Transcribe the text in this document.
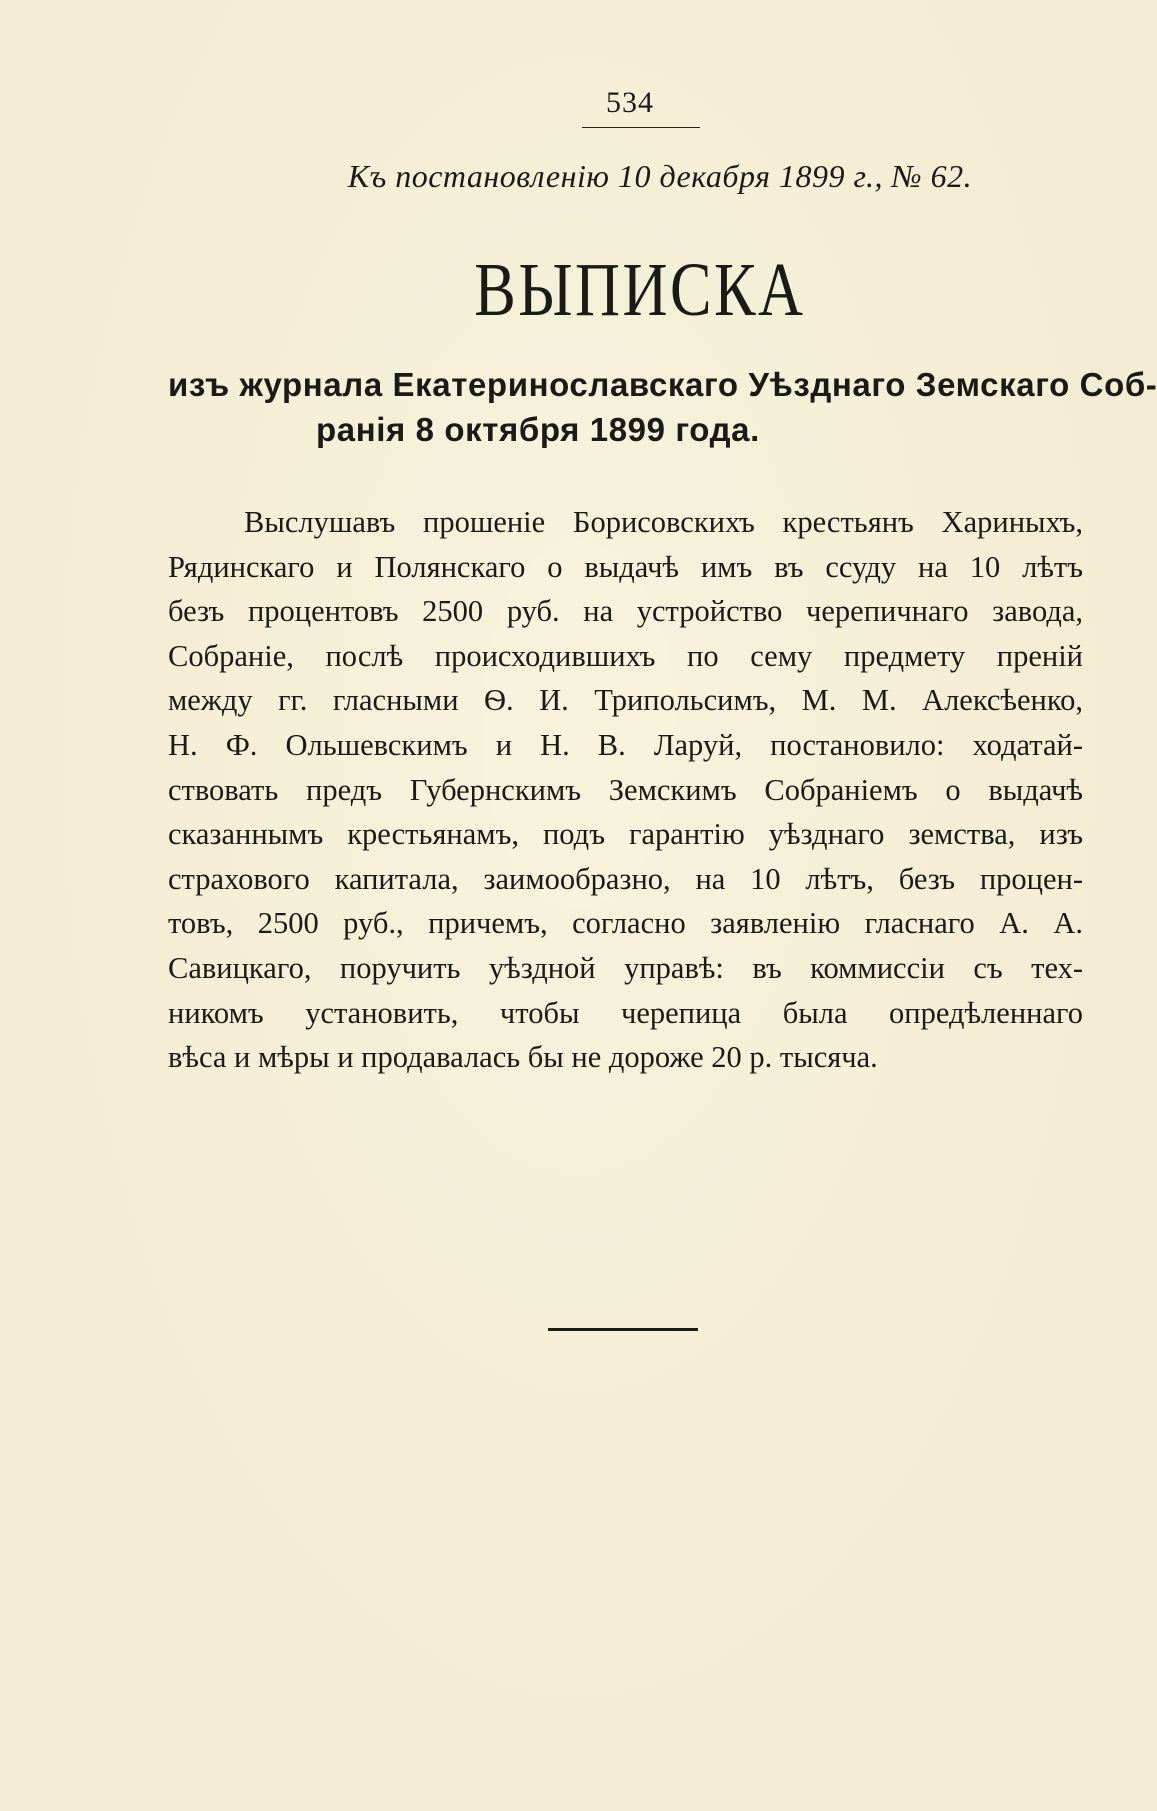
534
Къ постановленію 10 декабря 1899 г., № 62.
ВЫПИСКА
изъ журнала Екатеринославскаго Уѣзднаго Земскаго Соб-
ранія 8 октября 1899 года.
Выслушавъ прошеніе Борисовскихъ крестьянъ Хариныхъ,
Рядинскаго и Полянскаго о выдачѣ имъ въ ссуду на 10 лѣтъ
безъ процентовъ 2500 руб. на устройство черепичнаго завода,
Собраніе, послѣ происходившихъ по сему предмету преній
между гг. гласными Ѳ. И. Трипольсимъ, М. М. Алексѣенко,
Н. Ф. Ольшевскимъ и Н. В. Ларуй, постановило: ходатай-
ствовать предъ Губернскимъ Земскимъ Собраніемъ о выдачѣ
сказаннымъ крестьянамъ, подъ гарантію уѣзднаго земства, изъ
страхового капитала, заимообразно, на 10 лѣтъ, безъ процен-
товъ, 2500 руб., причемъ, согласно заявленію гласнаго А. А.
Савицкаго, поручить уѣздной управѣ: въ коммиссіи съ тех-
никомъ установить, чтобы черепица была опредѣленнаго
вѣса и мѣры и продавалась бы не дороже 20 р. тысяча.
